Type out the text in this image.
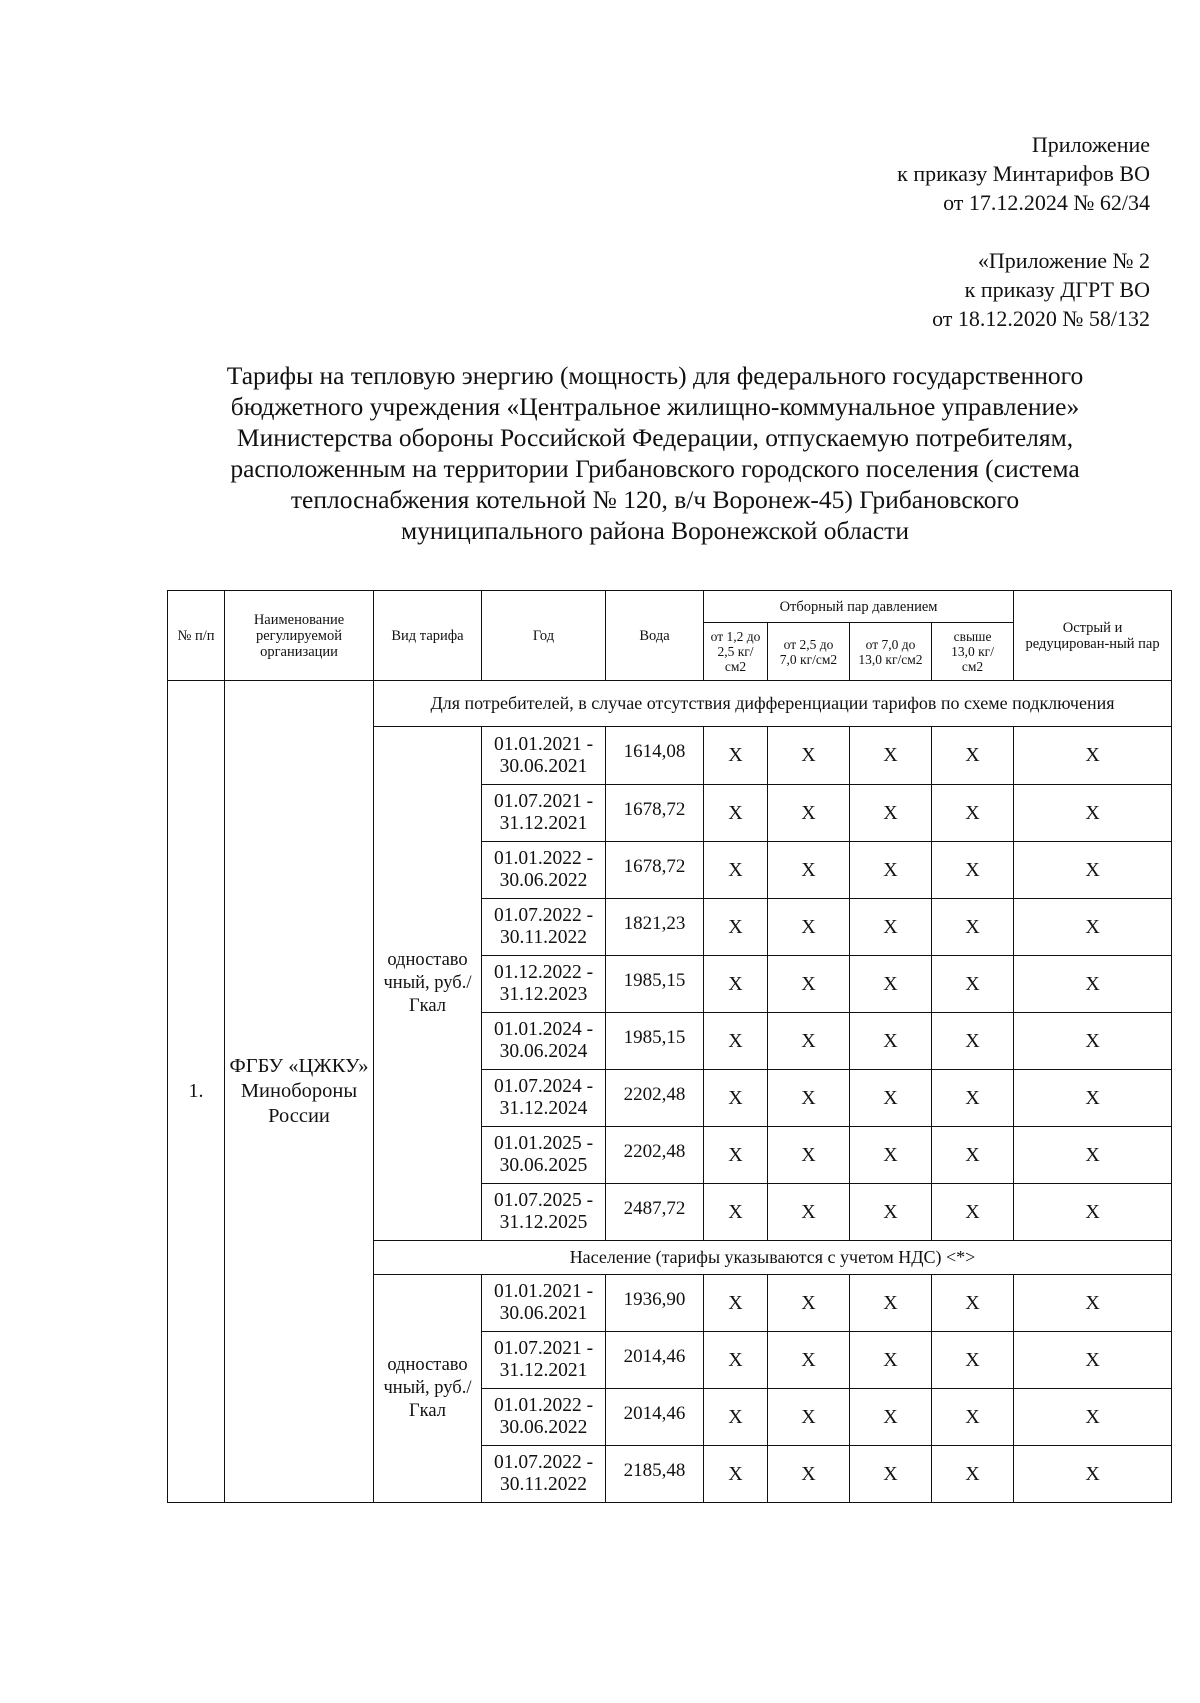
Приложение
к приказу Минтарифов ВО
от 17.12.2024 № 62/34
«Приложение № 2
к приказу ДГРТ ВО
от 18.12.2020 № 58/132
Тарифы на тепловую энергию (мощность) для федерального государственного
бюджетного учреждения «Центральное жилищно-коммунальное управление»
Министерства обороны Российской Федерации, отпускаемую потребителям,
расположенным на территории Грибановского городского поселения (система
теплоснабжения котельной № 120, в/ч Воронеж-45) Грибановского
муниципального района Воронежской области
№ п/п	Наименование регулируемой организации	Вид тарифа	Год	Вода	Отборный пар давлением				Острый и редуцирован-ный пар
					от 1,2 до 2,5 кг/см2	от 2,5 до 7,0 кг/см2	от 7,0 до 13,0 кг/см2	свыше 13,0 кг/см2	
1.	ФГБУ «ЦЖКУ» Минобороны России	Для потребителей, в случае отсутствия дифференциации тарифов по схеме подключения							
		одноставо чный, руб./Гкал	01.01.2021 - 30.06.2021	1614,08	X	X	X	X	X
			01.07.2021 - 31.12.2021	1678,72	X	X	X	X	X
			01.01.2022 - 30.06.2022	1678,72	X	X	X	X	X
			01.07.2022 - 30.11.2022	1821,23	X	X	X	X	X
			01.12.2022 - 31.12.2023	1985,15	X	X	X	X	X
			01.01.2024 - 30.06.2024	1985,15	X	X	X	X	X
			01.07.2024 - 31.12.2024	2202,48	X	X	X	X	X
			01.01.2025 - 30.06.2025	2202,48	X	X	X	X	X
			01.07.2025 - 31.12.2025	2487,72	X	X	X	X	X
		Население (тарифы указываются с учетом НДС) <*>							
		одноставо чный, руб./Гкал	01.01.2021 - 30.06.2021	1936,90	X	X	X	X	X
			01.07.2021 - 31.12.2021	2014,46	X	X	X	X	X
			01.01.2022 - 30.06.2022	2014,46	X	X	X	X	X
			01.07.2022 - 30.11.2022	2185,48	X	X	X	X	X
